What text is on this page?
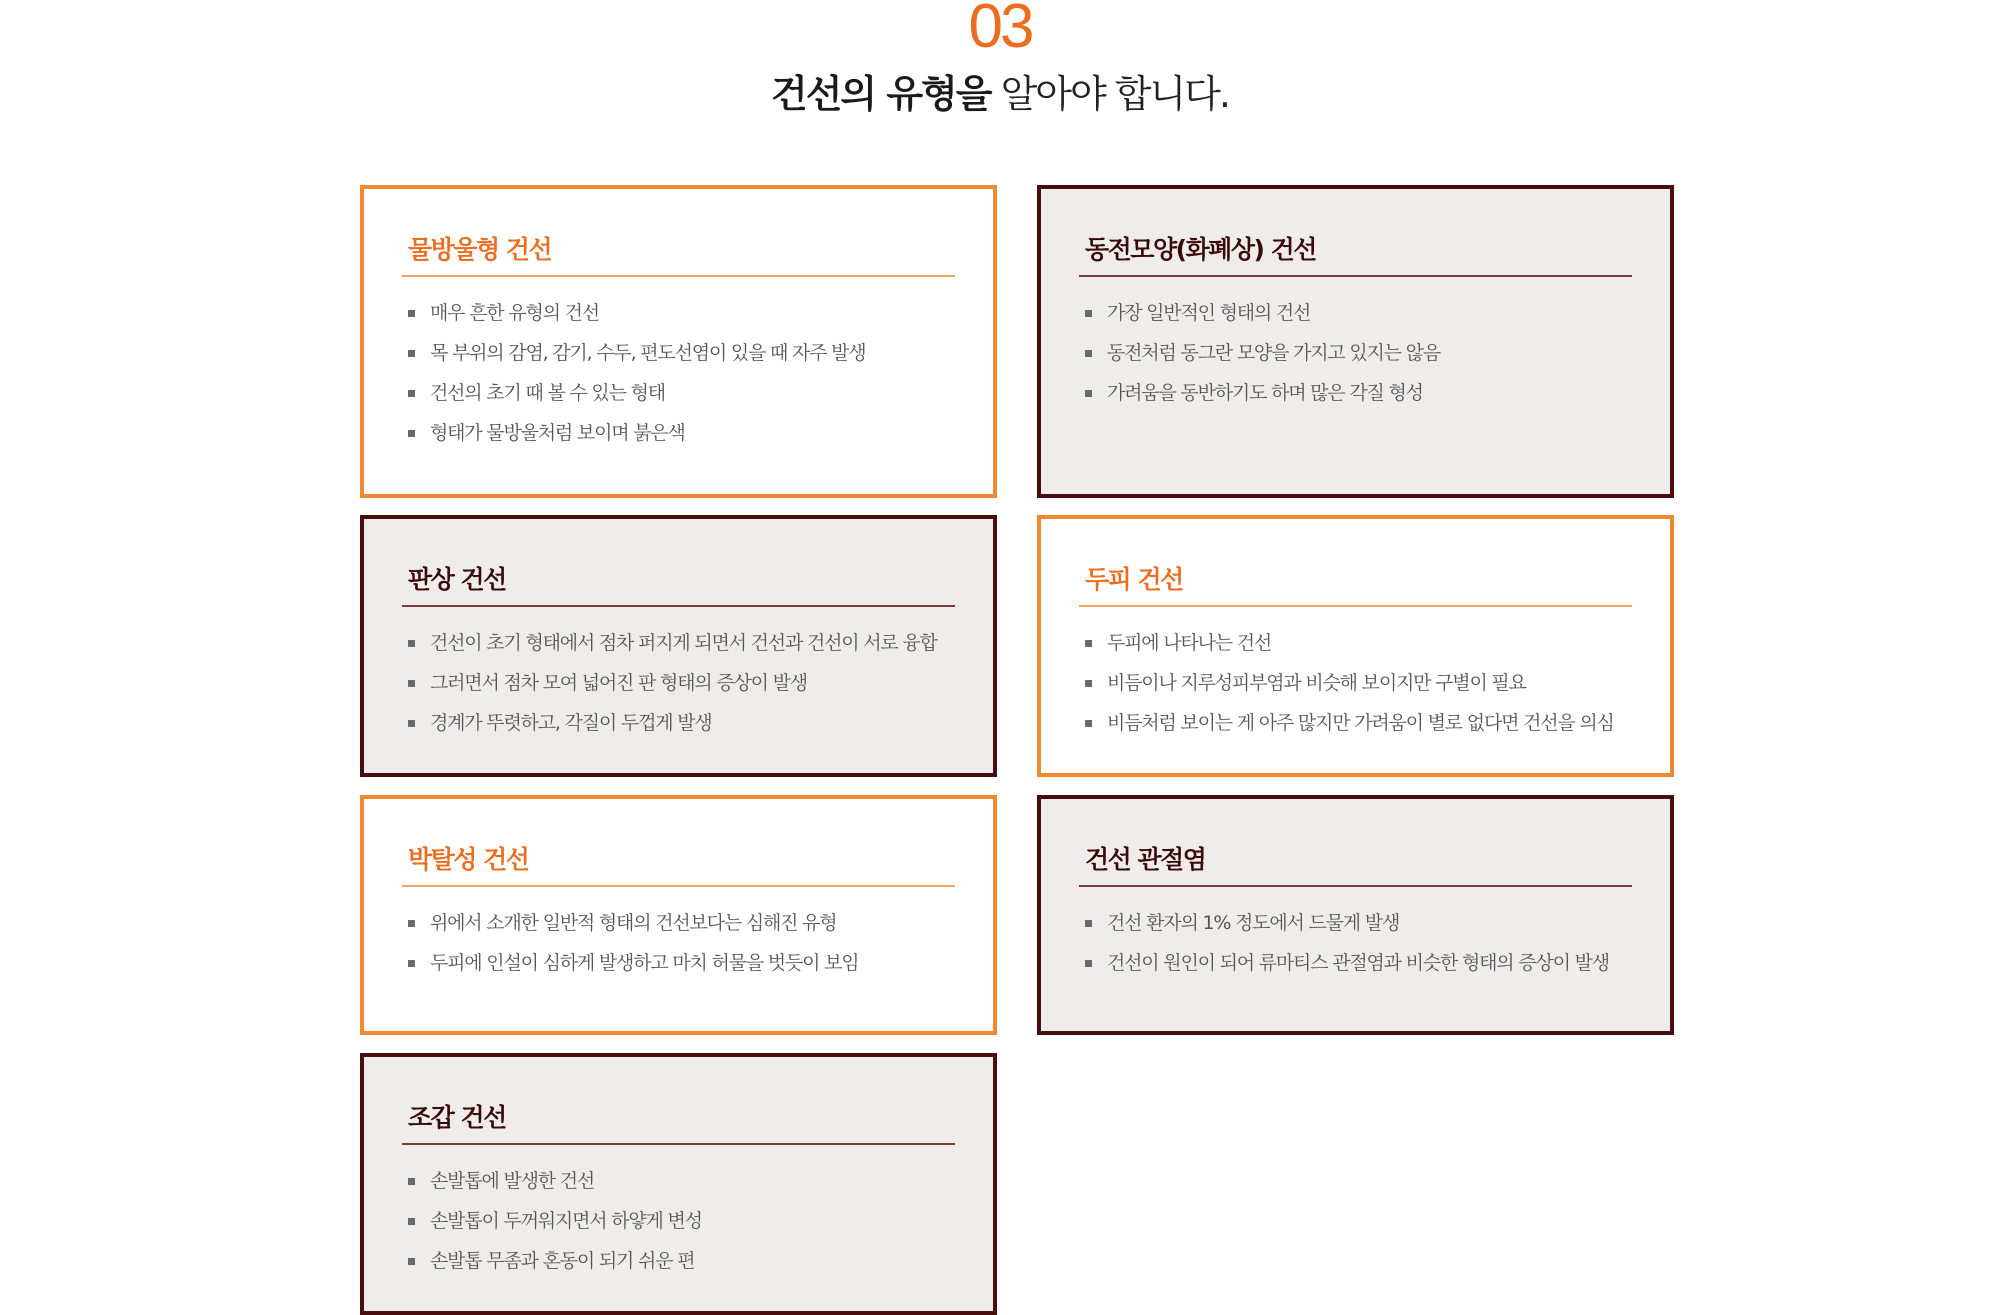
03
건선의 유형을 알아야 합니다.
물방울형 건선
매우 흔한 유형의 건선
목 부위의 감염, 감기, 수두, 편도선염이 있을 때 자주 발생
건선의 초기 때 볼 수 있는 형태
형태가 물방울처럼 보이며 붉은색
동전모양(화폐상) 건선
가장 일반적인 형태의 건선
동전처럼 동그란 모양을 가지고 있지는 않음
가려움을 동반하기도 하며 많은 각질 형성
판상 건선
건선이 초기 형태에서 점차 퍼지게 되면서 건선과 건선이 서로 융합
그러면서 점차 모여 넓어진 판 형태의 증상이 발생
경계가 뚜렷하고, 각질이 두껍게 발생
두피 건선
두피에 나타나는 건선
비듬이나 지루성피부염과 비슷해 보이지만 구별이 필요
비듬처럼 보이는 게 아주 많지만 가려움이 별로 없다면 건선을 의심
박탈성 건선
위에서 소개한 일반적 형태의 건선보다는 심해진 유형
두피에 인설이 심하게 발생하고 마치 허물을 벗듯이 보임
건선 관절염
건선 환자의 1% 정도에서 드물게 발생
건선이 원인이 되어 류마티스 관절염과 비슷한 형태의 증상이 발생
조갑 건선
손발톱에 발생한 건선
손발톱이 두꺼워지면서 하얗게 변성
손발톱 무좀과 혼동이 되기 쉬운 편
